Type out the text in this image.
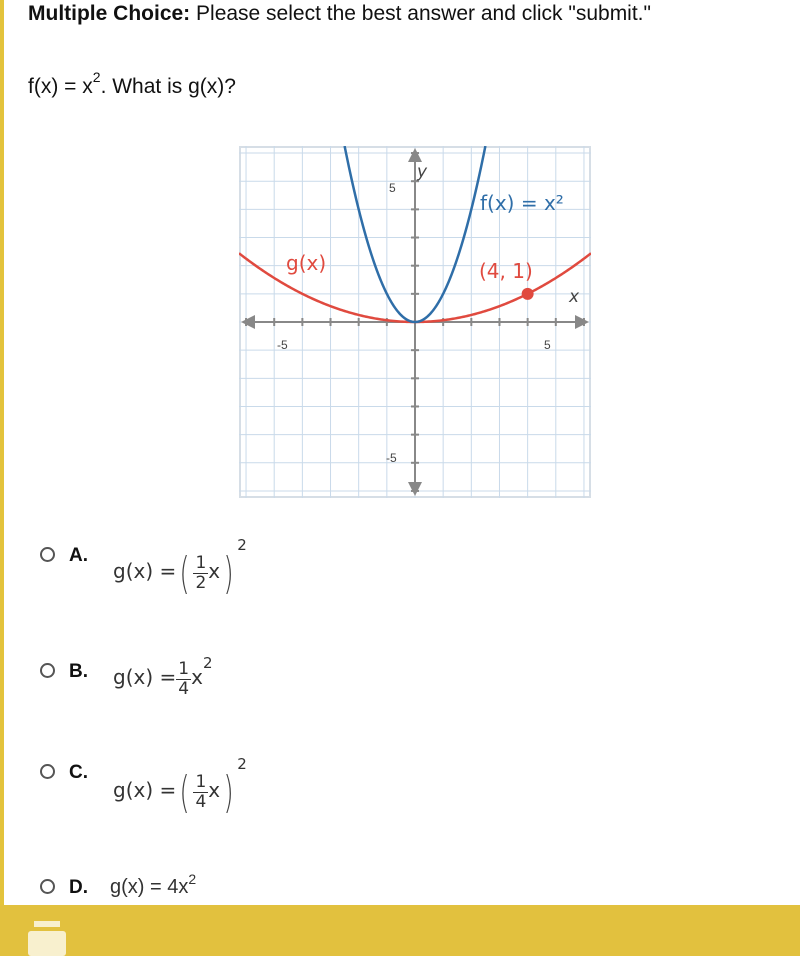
Multiple Choice: Please select the best answer and click "submit."
$f(x) = x^2$. What is g(x)?
y
x
f(x) = x²
g(x)	(4, 1)
5
-5
5
-5
A.
g(x) =( $\frac{1}{2} x)2$
B. $g(x) = \frac{1}{4} x2$
C.
g(x) =( $\frac{1}{4} x)2$
D. g(x) = 4x2
